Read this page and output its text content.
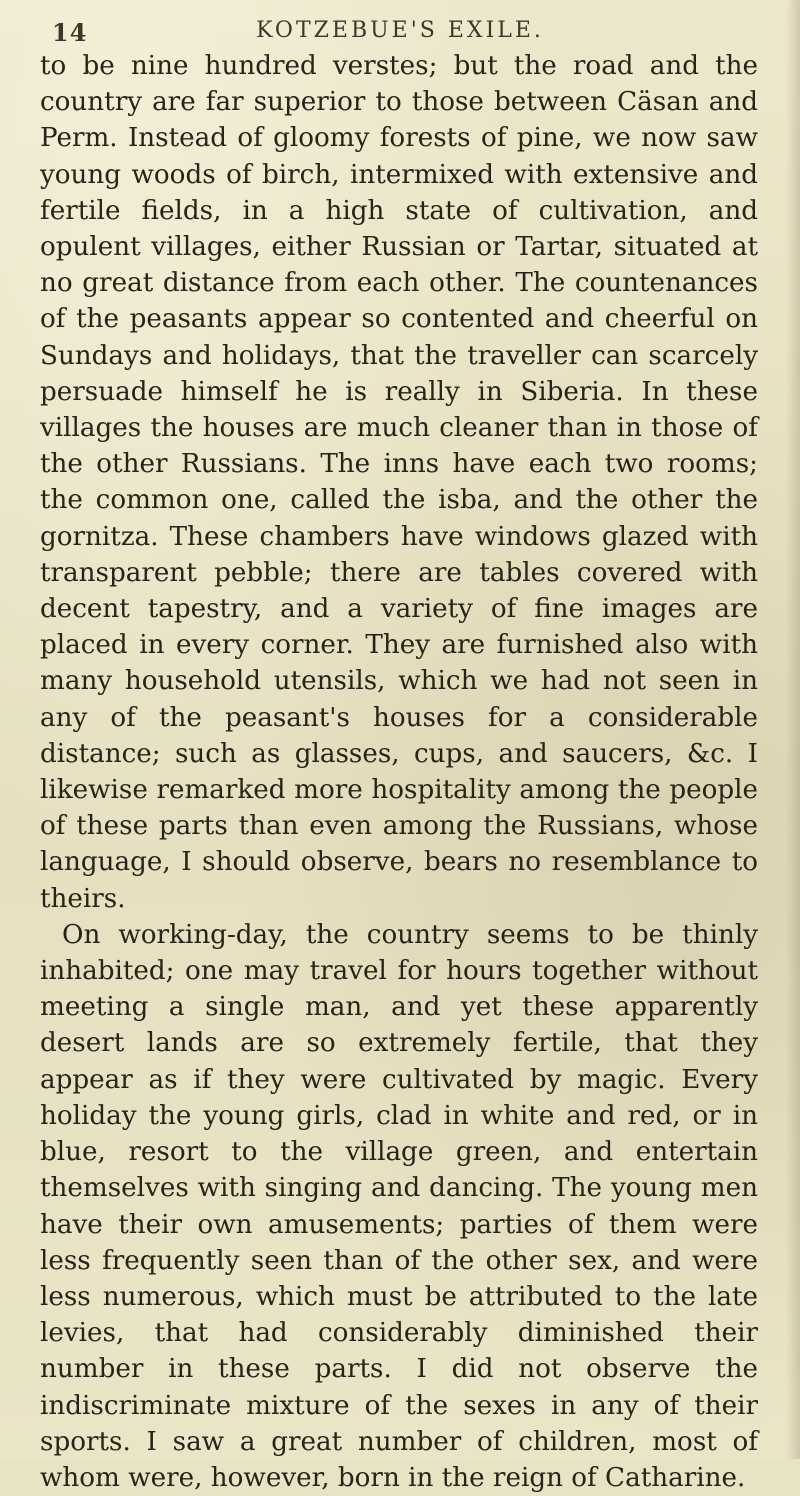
14	KOTZEBUE'S EXILE.

to be nine hundred verstes; but the road and the country are far superior to those between Cäsan and Perm. Instead of gloomy forests of pine, we now saw young woods of birch, intermixed with extensive and fertile fields, in a high state of cultivation, and opulent villages, either Russian or Tartar, situated at no great distance from each other. The countenances of the peasants appear so contented and cheerful on Sundays and holidays, that the traveller can scarcely persuade himself he is really in Siberia. In these villages the houses are much cleaner than in those of the other Russians. The inns have each two rooms; the common one, called the isba, and the other the gornitza. These chambers have windows glazed with transparent pebble; there are tables covered with decent tapestry, and a variety of fine images are placed in every corner. They are furnished also with many household utensils, which we had not seen in any of the peasant's houses for a considerable distance; such as glasses, cups, and saucers, &c. I likewise remarked more hospitality among the people of these parts than even among the Russians, whose language, I should observe, bears no resemblance to theirs.

On working-day, the country seems to be thinly inhabited; one may travel for hours together without meeting a single man, and yet these apparently desert lands are so extremely fertile, that they appear as if they were cultivated by magic. Every holiday the young girls, clad in white and red, or in blue, resort to the village green, and entertain themselves with singing and dancing. The young men have their own amusements; parties of them were less frequently seen than of the other sex, and were less numerous, which must be attributed to the late levies, that had considerably diminished their number in these parts. I did not observe the indiscriminate mixture of the sexes in any of their sports. I saw a great number of children, most of whom were, however, born in the reign of Catharine.
